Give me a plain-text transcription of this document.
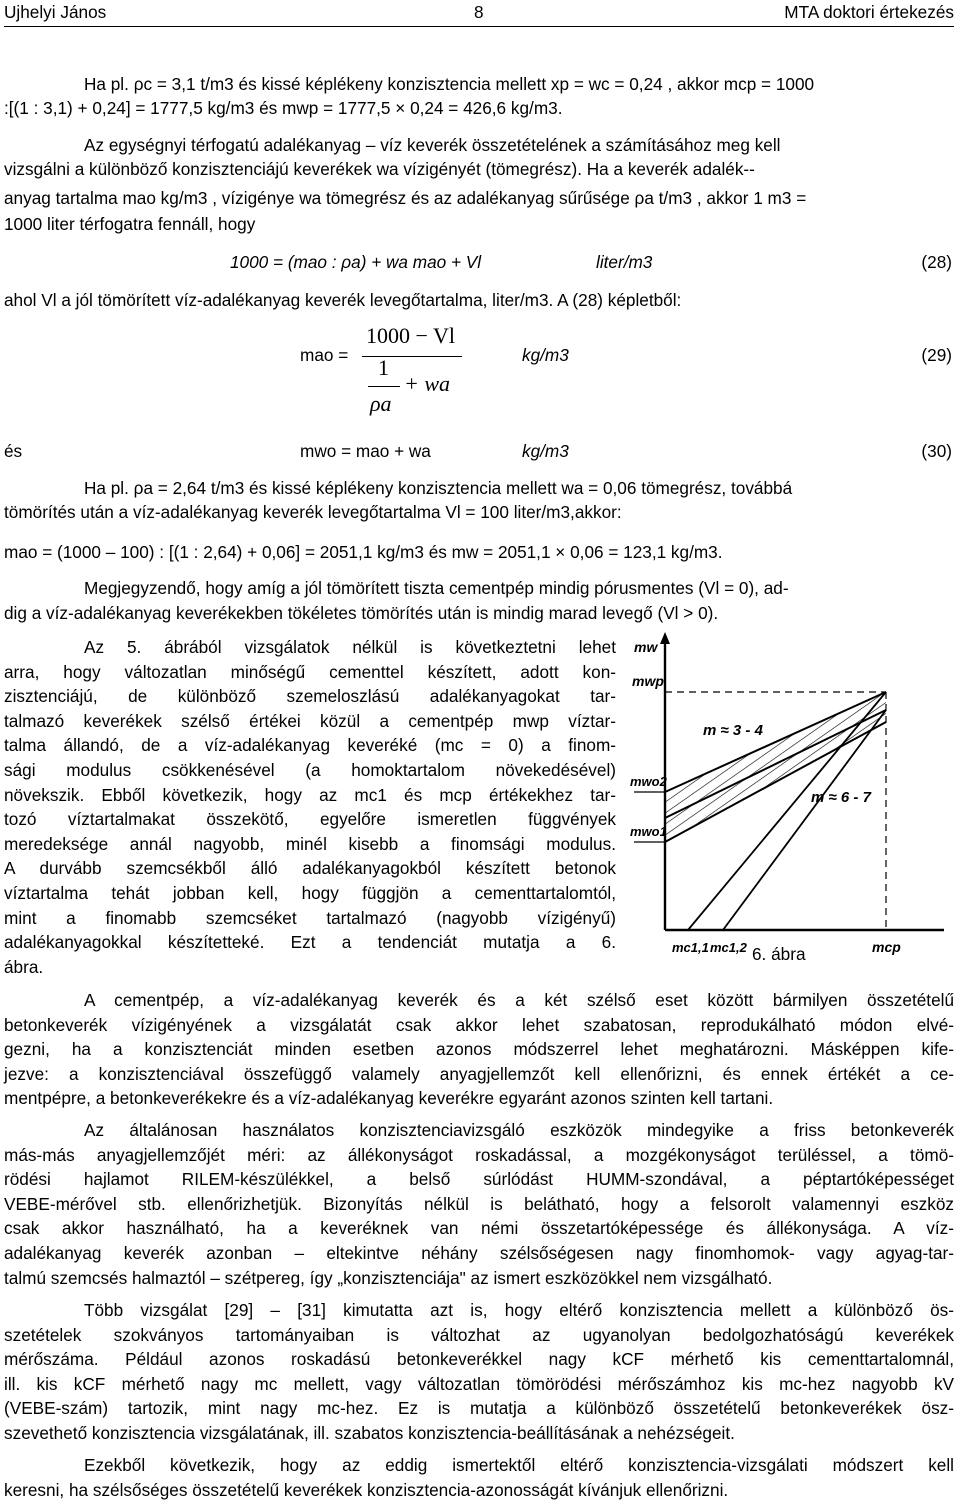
Ujhelyi János	8	MTA doktori értekezés
Ha pl. ρc = 3,1 t/m3 és kissé képlékeny konzisztencia mellett xp = wc = 0,24 , akkor mcp = 1000
:[(1 : 3,1) + 0,24] = 1777,5 kg/m3 és mwp = 1777,5 × 0,24 = 426,6 kg/m3.
Az egységnyi térfogatú adalékanyag – víz keverék összetételének a számításához meg kell
vizsgálni a különböző konzisztenciájú keverékek wa vízigényét (tömegrész). Ha a keverék adalék--
anyag tartalma mao kg/m3 , vízigénye wa tömegrész és az adalékanyag sűrűsége ρa t/m3 , akkor 1 m3 =
1000 liter térfogatra fennáll, hogy
1000 = (mao : ρa) + wa mao + Vl	liter/m3	(28)
ahol Vl a jól tömörített víz-adalékanyag keverék levegőtartalma, liter/m3. A (28) képletből:
mao =
1000 − Vl
1
ρa
+ wa
kg/m3	(29)
és	mwo = mao + wa	kg/m3	(30)
Ha pl. ρa = 2,64 t/m3 és kissé képlékeny konzisztencia mellett wa = 0,06 tömegrész, továbbá
tömörítés után a víz-adalékanyag keverék levegőtartalma Vl = 100 liter/m3,akkor:
mao = (1000 – 100) : [(1 : 2,64) + 0,06] = 2051,1 kg/m3 és mw = 2051,1 × 0,06 = 123,1 kg/m3.
Megjegyzendő, hogy amíg a jól tömörített tiszta cementpép mindig pórusmentes (Vl = 0), ad-
dig a víz-adalékanyag keverékekben tökéletes tömörítés után is mindig marad levegő (Vl > 0).
Az 5. ábrából vizsgálatok nélkül is következtetni lehet
arra, hogy változatlan minőségű cementtel készített, adott kon-
zisztenciájú, de különböző szemeloszlású adalékanyagokat tar-
talmazó keverékek szélső értékei közül a cementpép mwp víztar-
talma állandó, de a víz-adalékanyag keveréké (mc = 0) a finom-
sági modulus csökkenésével (a homoktartalom növekedésével)
növekszik. Ebből következik, hogy az mc1 és mcp értékekhez tar-
tozó víztartalmakat összekötő, egyelőre ismeretlen függvények
meredeksége annál nagyobb, minél kisebb a finomsági modulus.
A durvább szemcsékből álló adalékanyagokból készített betonok
víztartalma tehát jobban kell, hogy függjön a cementtartalomtól,
mint a finomabb szemcséket tartalmazó (nagyobb vízigényű)
adalékanyagokkal készítetteké. Ezt a tendenciát mutatja a 6.
ábra.
mw
mwp
mwo2
mwo1
m ≈ 3 - 4
m ≈ 6 - 7
mc1,1 mc1,2	mcp
6. ábra
A cementpép, a víz-adalékanyag keverék és a két szélső eset között bármilyen összetételű
betonkeverék vízigényének a vizsgálatát csak akkor lehet szabatosan, reprodukálható módon elvé-
gezni, ha a konzisztenciát minden esetben azonos módszerrel lehet meghatározni. Másképpen kife-
jezve: a konzisztenciával összefüggő valamely anyagjellemzőt kell ellenőrizni, és ennek értékét a ce-
mentpépre, a betonkeverékekre és a víz-adalékanyag keverékre egyaránt azonos szinten kell tartani.
Az általánosan használatos konzisztenciavizsgáló eszközök mindegyike a friss betonkeverék
más-más anyagjellemzőjét méri: az állékonyságot roskadással, a mozgékonyságot terüléssel, a tömö-
rödési hajlamot RILEM-készülékkel, a belső súrlódást HUMM-szondával, a péptartóképességet
VEBE-mérővel stb. ellenőrizhetjük. Bizonyítás nélkül is belátható, hogy a felsorolt valamennyi eszköz
csak akkor használható, ha a keveréknek van némi összetartóképessége és állékonysága. A víz-
adalékanyag keverék azonban – eltekintve néhány szélsőségesen nagy finomhomok- vagy agyag-tar-
talmú szemcsés halmaztól – szétpereg, így „konzisztenciája" az ismert eszközökkel nem vizsgálható.
Több vizsgálat [29] – [31] kimutatta azt is, hogy eltérő konzisztencia mellett a különböző ös-
szetételek szokványos tartományaiban is változhat az ugyanolyan bedolgozhatóságú keverékek
mérőszáma. Például azonos roskadású betonkeverékkel nagy kCF mérhető kis cementtartalomnál,
ill. kis kCF mérhető nagy mc mellett, vagy változatlan tömörödési mérőszámhoz kis mc-hez nagyobb kV
(VEBE-szám) tartozik, mint nagy mc-hez. Ez is mutatja a különböző összetételű betonkeverékek ösz-
szevethető konzisztencia vizsgálatának, ill. szabatos konzisztencia-beállításának a nehézségeit.
Ezekből következik, hogy az eddig ismertektől eltérő konzisztencia-vizsgálati módszert kell
keresni, ha szélsőséges összetételű keverékek konzisztencia-azonosságát kívánjuk ellenőrizni.
